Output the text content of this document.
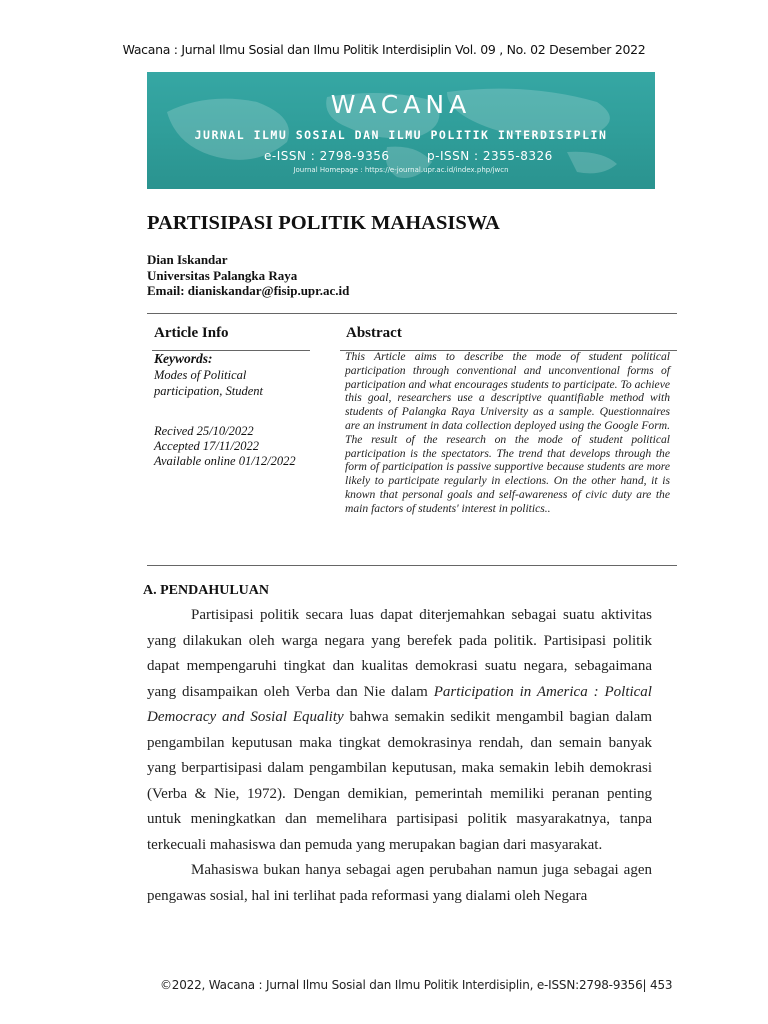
Wacana : Jurnal Ilmu Sosial dan Ilmu Politik Interdisiplin Vol. 09 , No. 02 Desember 2022
WACANA
JURNAL ILMU SOSIAL DAN ILMU POLITIK INTERDISIPLIN
e-ISSN : 2798-9356	p-ISSN : 2355-8326
Journal Homepage : https://e-journal.upr.ac.id/index.php/jwcn
PARTISIPASI POLITIK MAHASISWA
Dian Iskandar
Universitas Palangka Raya
Email: dianiskandar@fisip.upr.ac.id
Article Info	Abstract
Keywords:
Modes of Political
participation, Student
Recived 25/10/2022
Accepted 17/11/2022
Available online 01/12/2022
This Article aims to describe the mode of student political participation through conventional and unconventional forms of participation and what encourages students to participate. To achieve this goal, researchers use a descriptive quantifiable method with students of Palangka Raya University as a sample. Questionnaires are an instrument in data collection deployed using the Google Form. The result of the research on the mode of student political participation is the spectators. The trend that develops through the form of participation is passive supportive because students are more likely to participate regularly in elections. On the other hand, it is known that personal goals and self-awareness of civic duty are the main factors of students' interest in politics..
A. PENDAHULUAN

Partisipasi politik secara luas dapat diterjemahkan sebagai suatu aktivitas yang dilakukan oleh warga negara yang berefek pada politik. Partisipasi politik dapat mempengaruhi tingkat dan kualitas demokrasi suatu negara, sebagaimana yang disampaikan oleh Verba dan Nie dalam Participation in America : Poltical Democracy and Sosial Equality bahwa semakin sedikit mengambil bagian dalam pengambilan keputusan maka tingkat demokrasinya rendah, dan semain banyak yang berpartisipasi dalam pengambilan keputusan, maka semakin lebih demokrasi (Verba & Nie, 1972). Dengan demikian, pemerintah memiliki peranan penting untuk meningkatkan dan memelihara partisipasi politik masyarakatnya, tanpa terkecuali mahasiswa dan pemuda yang merupakan bagian dari masyarakat.

Mahasiswa bukan hanya sebagai agen perubahan namun juga sebagai agen pengawas sosial, hal ini terlihat pada reformasi yang dialami oleh Negara

©2022, Wacana : Jurnal Ilmu Sosial dan Ilmu Politik Interdisiplin, e-ISSN:2798-9356| 453
